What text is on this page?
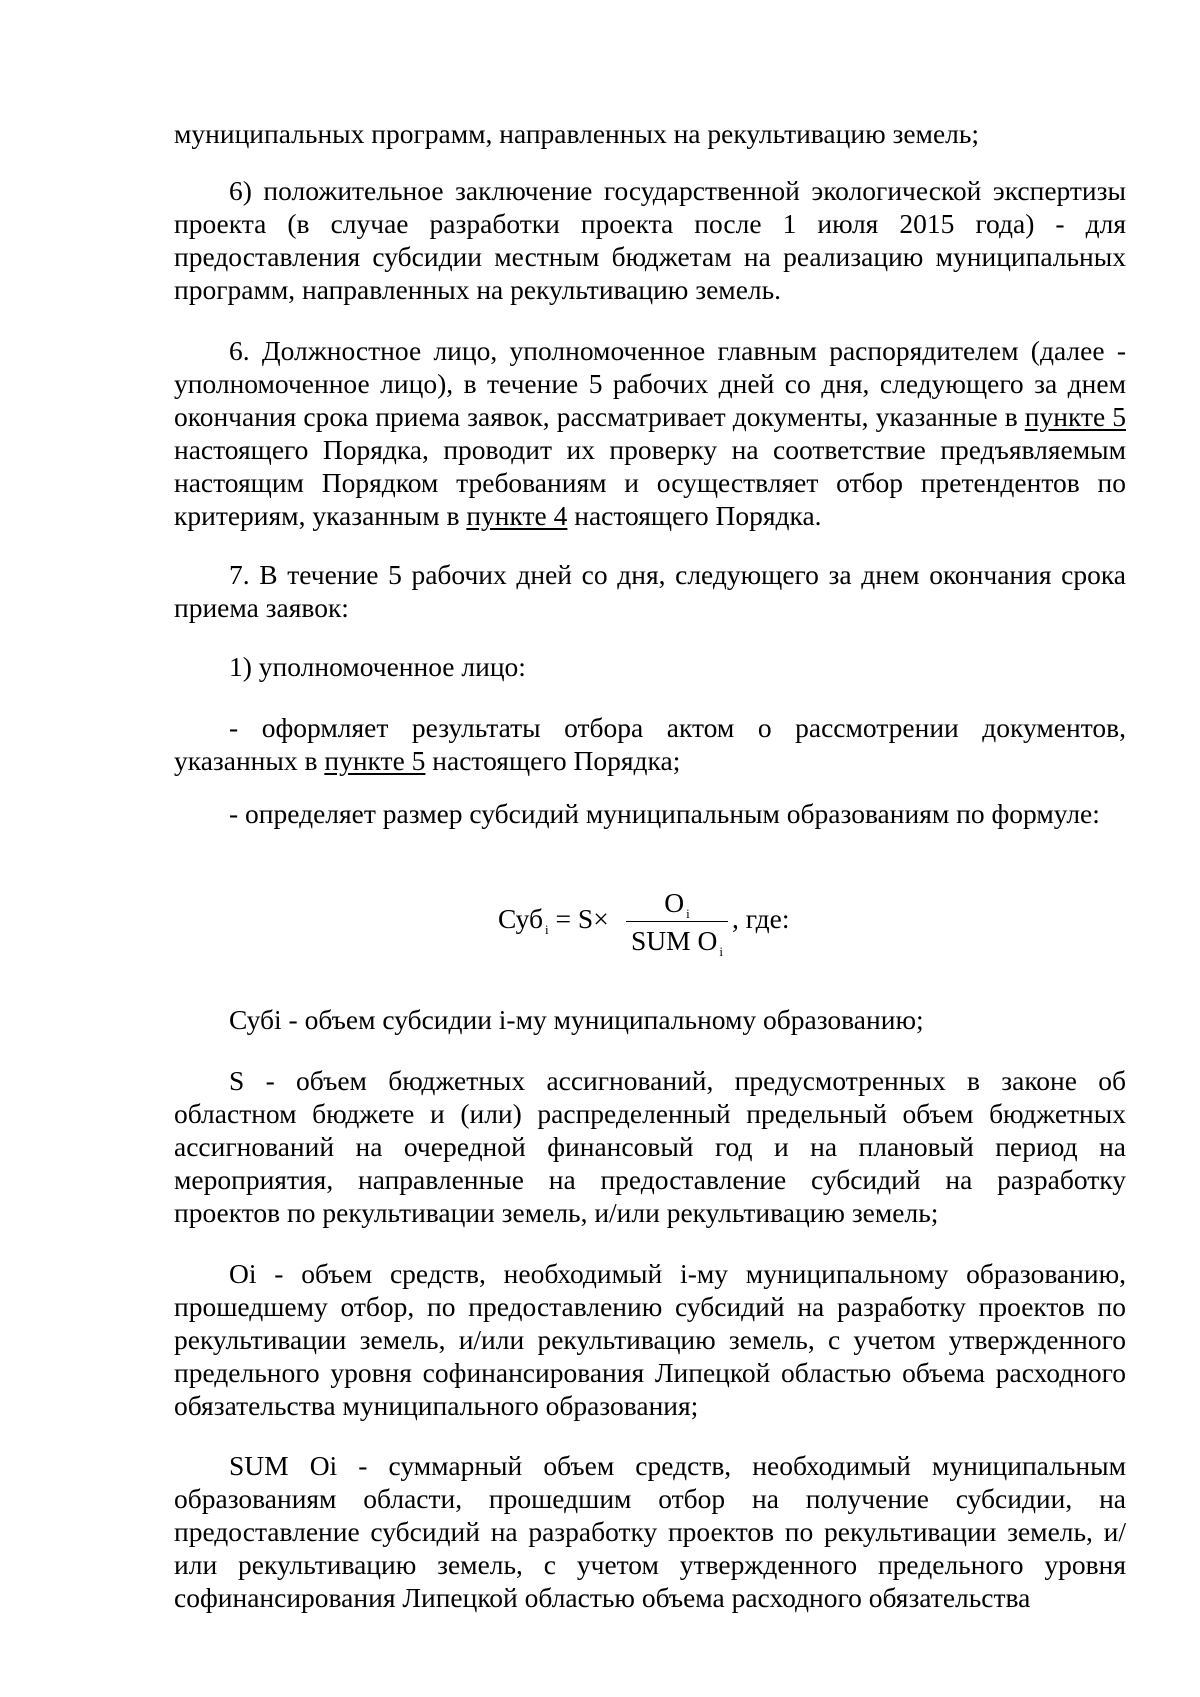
муниципальных программ, направленных на рекультивацию земель;

6) положительное заключение государственной экологической экспертизы проекта (в случае разработки проекта после 1 июля 2015 года) - для предоставления субсидии местным бюджетам на реализацию муниципальных программ, направленных на рекультивацию земель.

6. Должностное лицо, уполномоченное главным распорядителем (далее - уполномоченное лицо), в течение 5 рабочих дней со дня, следующего за днем окончания срока приема заявок, рассматривает документы, указанные в пункте 5 настоящего Порядка, проводит их проверку на соответствие предъявляемым настоящим Порядком требованиям и осуществляет отбор претендентов по критериям, указанным в пункте 4 настоящего Порядка.

7. В течение 5 рабочих дней со дня, следующего за днем окончания срока приема заявок:

1) уполномоченное лицо:

- оформляет результаты отбора актом о рассмотрении документов, указанных в пункте 5 настоящего Порядка;

- определяет размер субсидий муниципальным образованиям по формуле:

Суб $_i$ = S×
O $_i$
SUM O $_i$
, где:

Субi - объем субсидии i-му муниципальному образованию;

S - объем бюджетных ассигнований, предусмотренных в законе об областном бюджете и (или) распределенный предельный объем бюджетных ассигнований на очередной финансовый год и на плановый период на мероприятия, направленные на предоставление субсидий на разработку проектов по рекультивации земель, и/или рекультивацию земель;

Oi - объем средств, необходимый i-му муниципальному образованию, прошедшему отбор, по предоставлению субсидий на разработку проектов по рекультивации земель, и/или рекультивацию земель, с учетом утвержденного предельного уровня софинансирования Липецкой областью объема расходного обязательства муниципального образования;

SUM Oi - суммарный объем средств, необходимый муниципальным образованиям области, прошедшим отбор на получение субсидии, на предоставление субсидий на разработку проектов по рекультивации земель, и/или рекультивацию земель, с учетом утвержденного предельного уровня софинансирования Липецкой областью объема расходного обязательства
